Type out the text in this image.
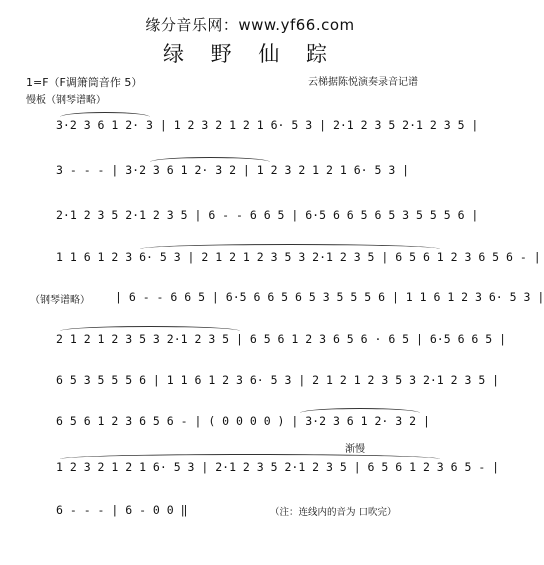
缘分音乐网：www.yf66.com
绿 野 仙 踪
1=F（F调箫筒音作 5）
慢板（钢琴谱略）
云梯据陈悦演奏录音记谱
3·2 3 6 1 2· 3 | 1 2 3 2 1 2 1 6· 5 3 | 2·1 2 3 5 2·1 2 3 5 |
3 - - - | 3·2 3 6 1 2· 3 2 | 1 2 3 2 1 2 1 6· 5 3 |
2·1 2 3 5 2·1 2 3 5 | 6 - - 6 6 5 | 6·5 6 6 5 6 5 3 5 5 5 6 |
1 1 6 1 2 3 6· 5 3 | 2 1 2 1 2 3 5 3 2·1 2 3 5 | 6 5 6 1 2 3 6 5 6 - |
（钢琴谱略） | 6 - - 6 6 5 | 6·5 6 6 5 6 5 3 5 5 5 6 | 1 1 6 1 2 3 6· 5 3 |
2 1 2 1 2 3 5 3 2·1 2 3 5 | 6 5 6 1 2 3 6 5 6 · 6 5 | 6·5 6 6 5 |
6 5 3 5 5 5 6 | 1 1 6 1 2 3 6· 5 3 | 2 1 2 1 2 3 5 3 2·1 2 3 5 |
6 5 6 1 2 3 6 5 6 - | ( 0 0 0 0 ) | 3·2 3 6 1 2· 3 2 |
渐慢
1 2 3 2 1 2 1 6· 5 3 | 2·1 2 3 5 2·1 2 3 5 | 6 5 6 1 2 3 6 5 - |
6 - - - | 6 - 0 0 ‖	（注：连线内的音为 口吹完）
